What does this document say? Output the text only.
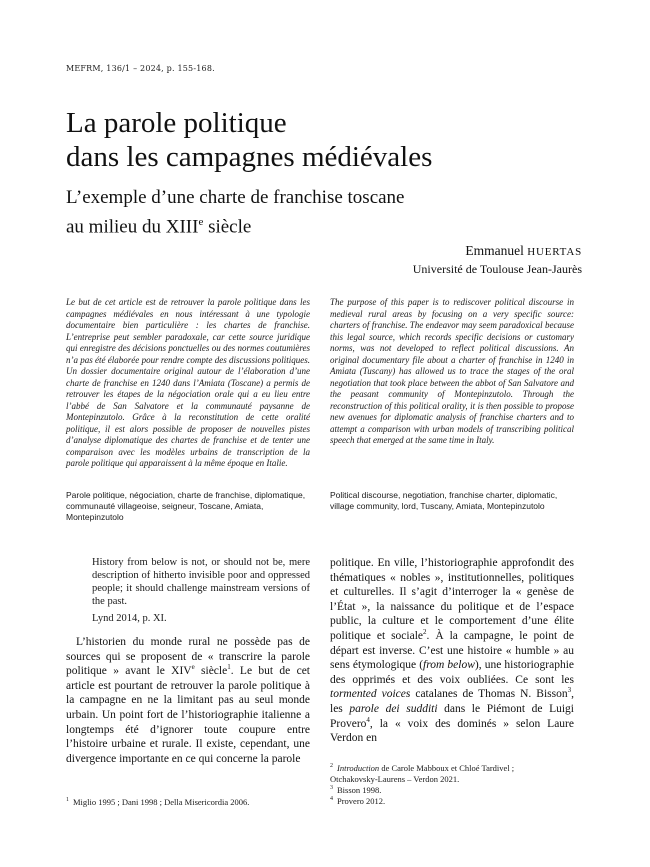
MEFRM, 136/1 – 2024, p. 155-168.
La parole politique
dans les campagnes médiévales
L’exemple d’une charte de franchise toscane
au milieu du XIIIe siècle
Emmanuel HUERTAS
Université de Toulouse Jean-Jaurès
Le but de cet article est de retrouver la parole politique dans les campagnes médiévales en nous intéressant à une typologie documentaire bien particulière : les chartes de franchise. L’entreprise peut sembler paradoxale, car cette source juridique qui enregistre des décisions ponctuelles ou des normes coutumières n’a pas été élaborée pour rendre compte des discussions politiques. Un dossier documentaire original autour de l’élaboration d’une charte de franchise en 1240 dans l’Amiata (Toscane) a permis de retrouver les étapes de la négociation orale qui a eu lieu entre l’abbé de San Salvatore et la communauté paysanne de Montepinzutolo. Grâce à la reconstitution de cette oralité politique, il est alors possible de proposer de nouvelles pistes d’analyse diplomatique des chartes de franchise et de tenter une comparaison avec les modèles urbains de transcription de la parole politique qui apparaissent à la même époque en Italie.
The purpose of this paper is to rediscover political discourse in medieval rural areas by focusing on a very specific source: charters of franchise. The endeavor may seem paradoxical because this legal source, which records specific decisions or customary norms, was not developed to reflect political discussions. An original documentary file about a charter of franchise in 1240 in Amiata (Tuscany) has allowed us to trace the stages of the oral negotiation that took place between the abbot of San Salvatore and the peasant community of Montepinzutolo. Through the reconstruction of this political orality, it is then possible to propose new avenues for diplomatic analysis of franchise charters and to attempt a comparison with urban models of transcribing political speech that emerged at the same time in Italy.
Parole politique, négociation, charte de franchise, diplomatique, communauté villageoise, seigneur, Toscane, Amiata, Montepinzutolo
Political discourse, negotiation, franchise charter, diplomatic, village community, lord, Tuscany, Amiata, Montepinzutolo
History from below is not, or should not be, mere description of hitherto invisible poor and oppressed people; it should challenge mainstream versions of the past.
Lynd 2014, p. XI.
L’historien du monde rural ne possède pas de sources qui se proposent de « transcrire la parole politique » avant le XIVe siècle$^1$. Le but de cet article est pourtant de retrouver la parole politique à la campagne en ne la limitant pas au seul monde urbain. Un point fort de l’historiographie italienne a longtemps été d’ignorer toute coupure entre l’histoire urbaine et rurale. Il existe, cependant, une divergence importante en ce qui concerne la parole
politique. En ville, l’historiographie approfondit des thématiques « nobles », institutionnelles, politiques et culturelles. Il s’agit d’interroger la « genèse de l’État », la naissance du politique et de l’espace public, la culture et le comportement d’une élite politique et sociale$^2$. À la campagne, le point de départ est inverse. C’est une histoire « humble » au sens étymologique (from below), une historiographie des opprimés et des voix oubliées. Ce sont les tormented voices catalanes de Thomas N. Bisson$^3$, les parole dei sudditi dans le Piémont de Luigi Provero$^4$, la « voix des dominés » selon Laure Verdon en
$^1$ Miglio 1995 ; Dani 1998 ; Della Misericordia 2006.
$^2$ Introduction de Carole Mabboux et Chloé Tardivel ;
Otchakovsky-Laurens – Verdon 2021.
$^3$ Bisson 1998.
$^4$ Provero 2012.
